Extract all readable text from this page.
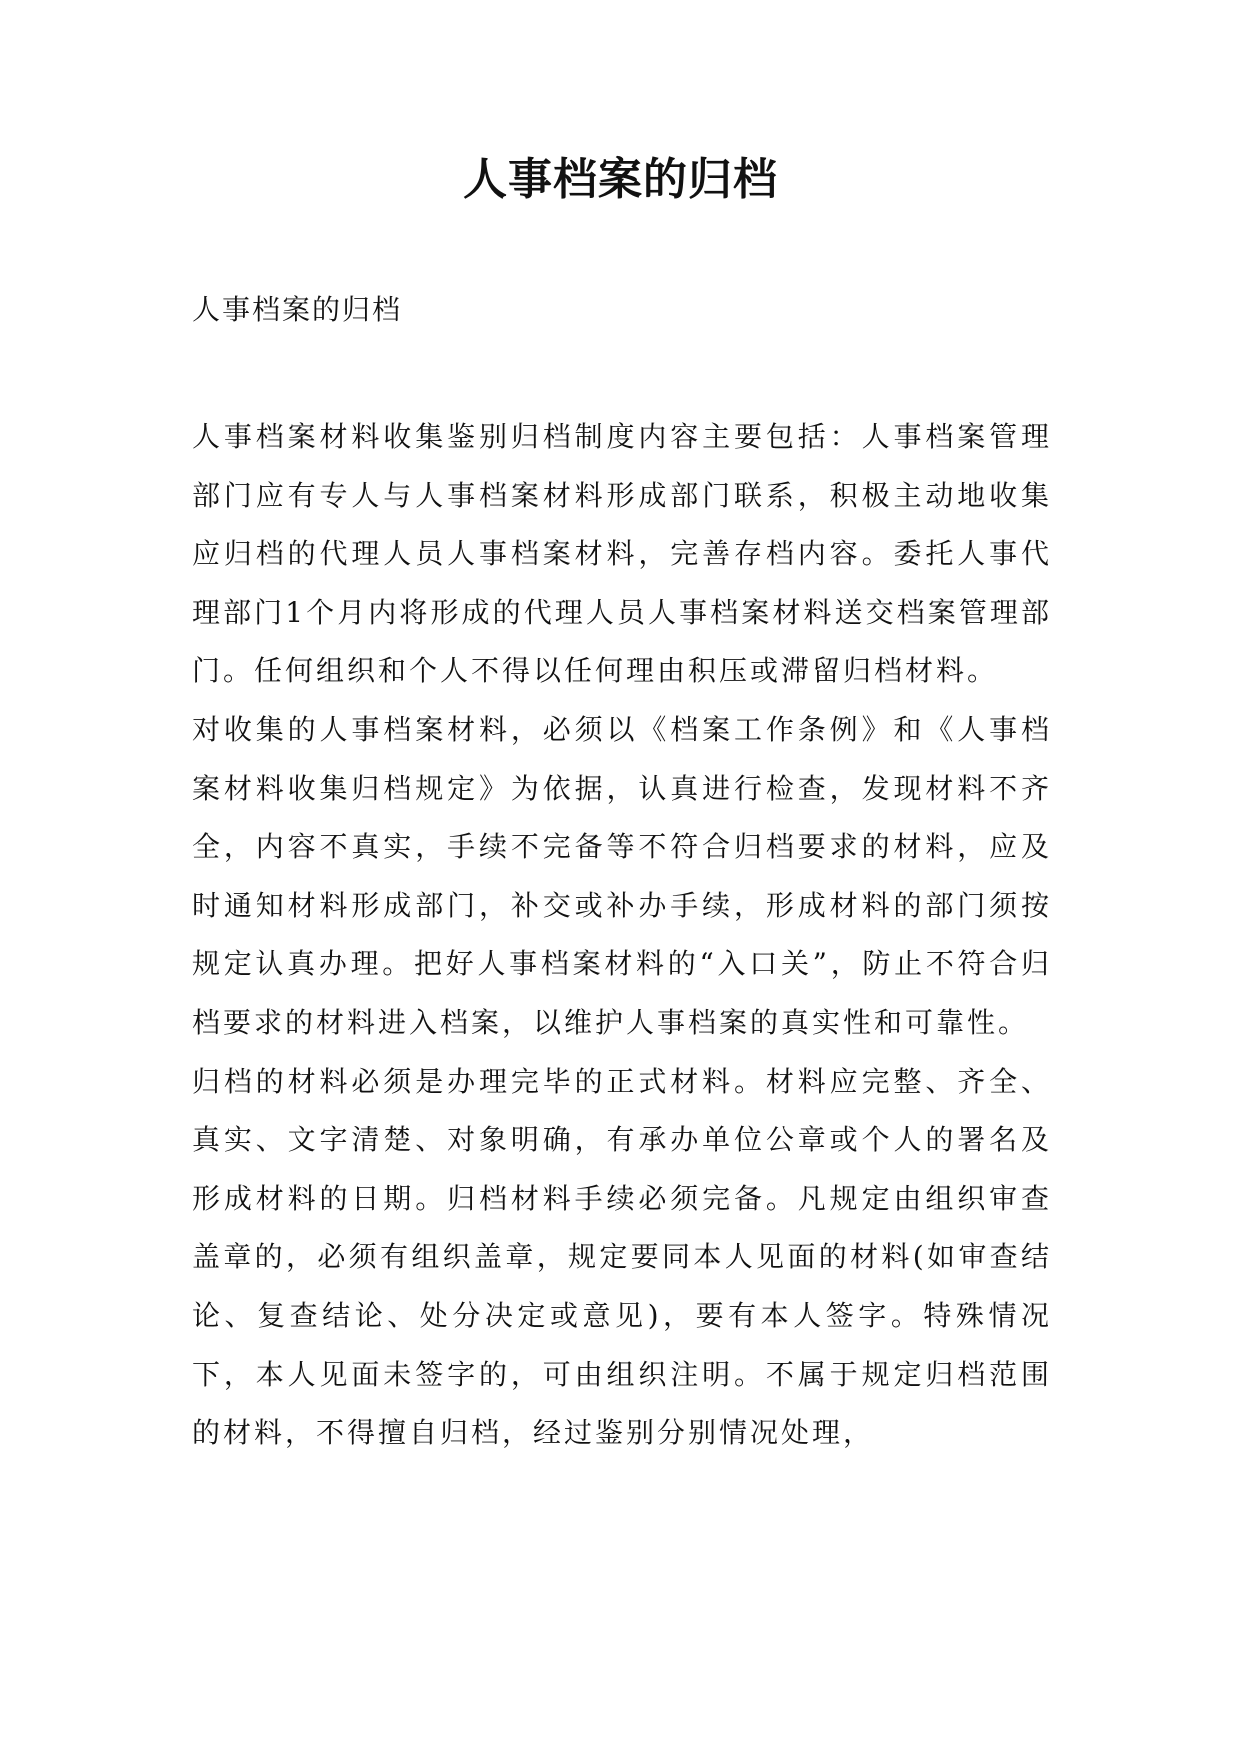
人事档案的归档

人事档案的归档

人事档案材料收集鉴别归档制度内容主要包括：人事档案管理部门应有专人与人事档案材料形成部门联系，积极主动地收集应归档的代理人员人事档案材料，完善存档内容。委托人事代理部门1个月内将形成的代理人员人事档案材料送交档案管理部门。任何组织和个人不得以任何理由积压或滞留归档材料。

对收集的人事档案材料，必须以《档案工作条例》和《人事档案材料收集归档规定》为依据，认真进行检查，发现材料不齐全，内容不真实，手续不完备等不符合归档要求的材料，应及时通知材料形成部门，补交或补办手续，形成材料的部门须按规定认真办理。把好人事档案材料的“入口关”，防止不符合归档要求的材料进入档案，以维护人事档案的真实性和可靠性。

归档的材料必须是办理完毕的正式材料。材料应完整、齐全、真实、文字清楚、对象明确，有承办单位公章或个人的署名及形成材料的日期。归档材料手续必须完备。凡规定由组织审查盖章的，必须有组织盖章，规定要同本人见面的材料(如审查结论、复查结论、处分决定或意见)，要有本人签字。特殊情况下，本人见面未签字的，可由组织注明。不属于规定归档范围的材料，不得擅自归档，经过鉴别分别情况处理，
